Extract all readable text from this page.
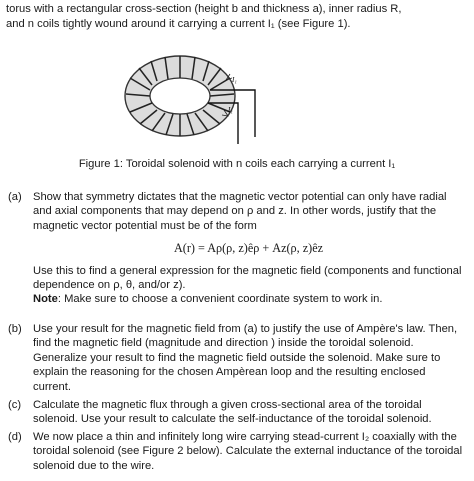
torus with a rectangular cross-section (height b and thickness a), inner radius R,
and n coils tightly wound around it carrying a current I₁ (see Figure 1).
I₁
I₁
Figure 1: Toroidal solenoid with n coils each carrying a current I₁
(a)	Show that symmetry dictates that the magnetic vector potential can only have radial and axial components that may depend on ρ and z. In other words, justify that the magnetic vector potential must be of the form

A(r) = Aρ(ρ, z)êρ + Az(ρ, z)êz

Use this to find a general expression for the magnetic field (components and functional dependence on ρ, θ, and/or z).

Note: Make sure to choose a convenient coordinate system to work in.

(b)	Use your result for the magnetic field from (a) to justify the use of Ampère's law. Then, find the magnetic field (magnitude and direction ) inside the toroidal solenoid. Generalize your result to find the magnetic field outside the solenoid. Make sure to explain the reasoning for the chosen Ampèrean loop and the resulting enclosed current.

(c)	Calculate the magnetic flux through a given cross-sectional area of the toroidal solenoid. Use your result to calculate the self-inductance of the toroidal solenoid.

(d)	We now place a thin and infinitely long wire carrying stead-current I₂ coaxially with the toroidal solenoid (see Figure 2 below). Calculate the external inductance of the toroidal solenoid due to the wire.
